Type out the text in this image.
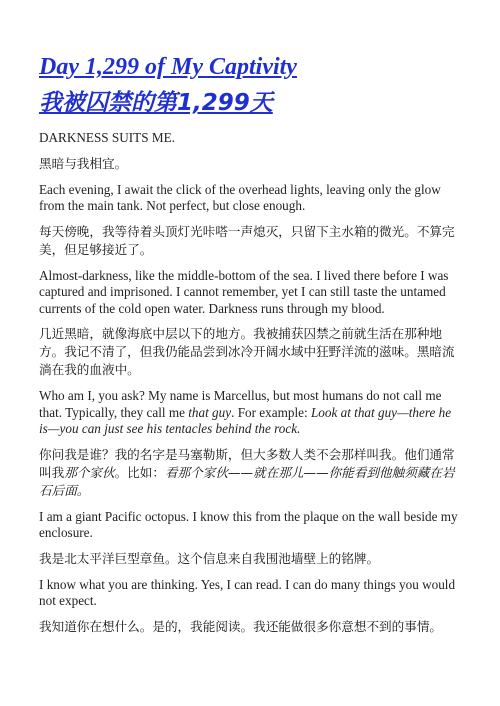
Day 1,299 of My Captivity
我被囚禁的第1,299天

DARKNESS SUITS ME.

黑暗与我相宜。

Each evening, I await the click of the overhead lights, leaving only the glow from the main tank. Not perfect, but close enough.

每天傍晚，我等待着头顶灯光咔嗒一声熄灭，只留下主水箱的微光。不算完美，但足够接近了。

Almost-darkness, like the middle-bottom of the sea. I lived there before I was captured and imprisoned. I cannot remember, yet I can still taste the untamed currents of the cold open water. Darkness runs through my blood.

几近黑暗，就像海底中层以下的地方。我被捕获囚禁之前就生活在那种地方。我记不清了，但我仍能品尝到冰冷开阔水域中狂野洋流的滋味。黑暗流淌在我的血液中。

Who am I, you ask? My name is Marcellus, but most humans do not call me that. Typically, they call me that guy. For example: Look at that guy—there he is—you can just see his tentacles behind the rock.

你问我是谁？我的名字是马塞勒斯，但大多数人类不会那样叫我。他们通常叫我那个家伙。比如：看那个家伙——就在那儿——你能看到他触须藏在岩石后面。

I am a giant Pacific octopus. I know this from the plaque on the wall beside my enclosure.

我是北太平洋巨型章鱼。这个信息来自我围池墙壁上的铭牌。

I know what you are thinking. Yes, I can read. I can do many things you would not expect.

我知道你在想什么。是的，我能阅读。我还能做很多你意想不到的事情。
